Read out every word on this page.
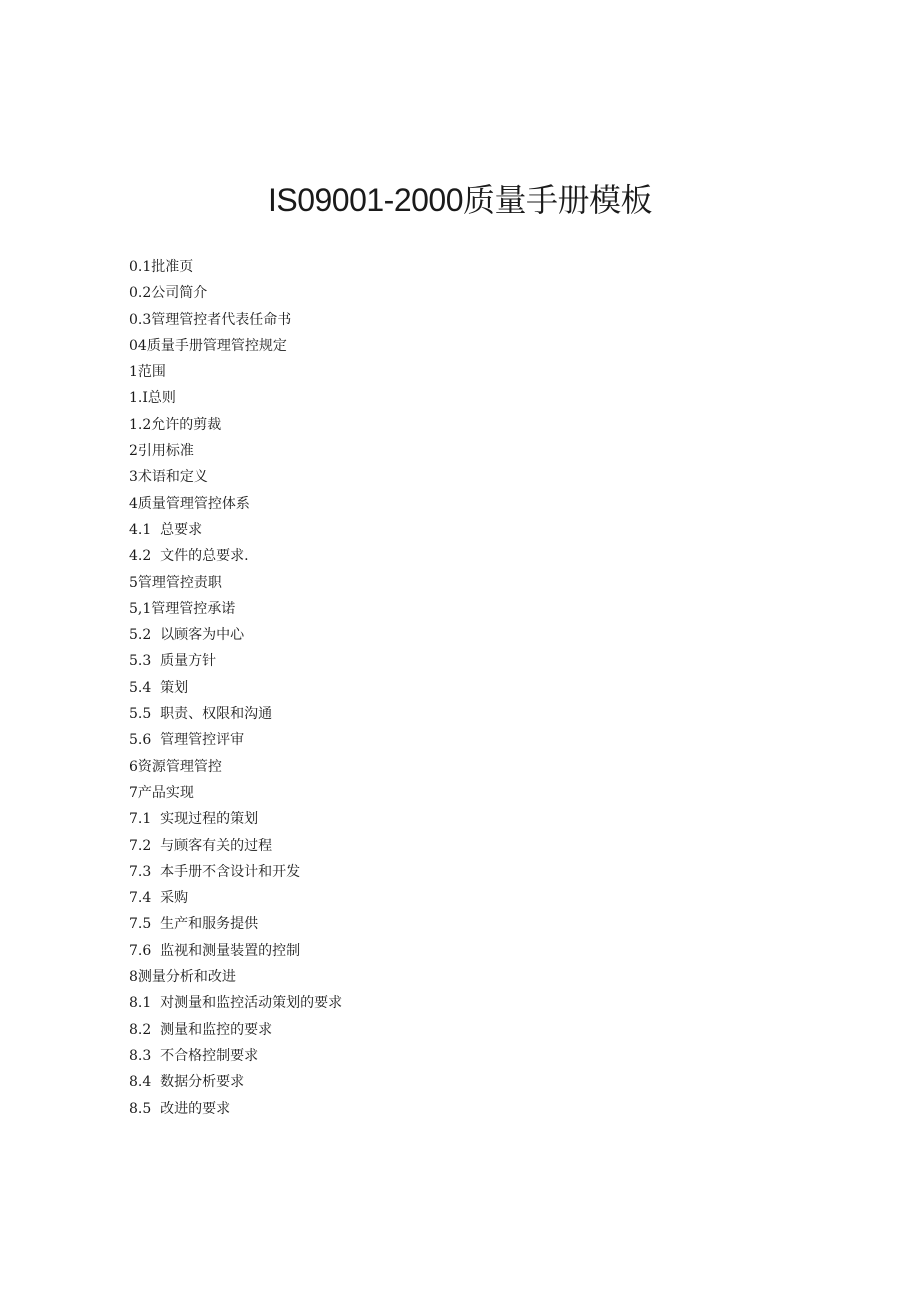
IS09001-2000质量手册模板
0.1批准页
0.2公司简介
0.3管理管控者代表任命书
04质量手册管理管控规定
1范围
1.I总则
1.2允许的剪裁
2引用标准
3术语和定义
4质量管理管控体系
4.1  总要求
4.2  文件的总要求.
5管理管控责职
5,1管理管控承诺
5.2  以顾客为中心
5.3  质量方针
5.4  策划
5.5  职责、权限和沟通
5.6  管理管控评审
6资源管理管控
7产品实现
7.1  实现过程的策划
7.2  与顾客有关的过程
7.3  本手册不含设计和开发
7.4  采购
7.5  生产和服务提供
7.6  监视和测量装置的控制
8测量分析和改进
8.1  对测量和监控活动策划的要求
8.2  测量和监控的要求
8.3  不合格控制要求
8.4  数据分析要求
8.5  改进的要求
